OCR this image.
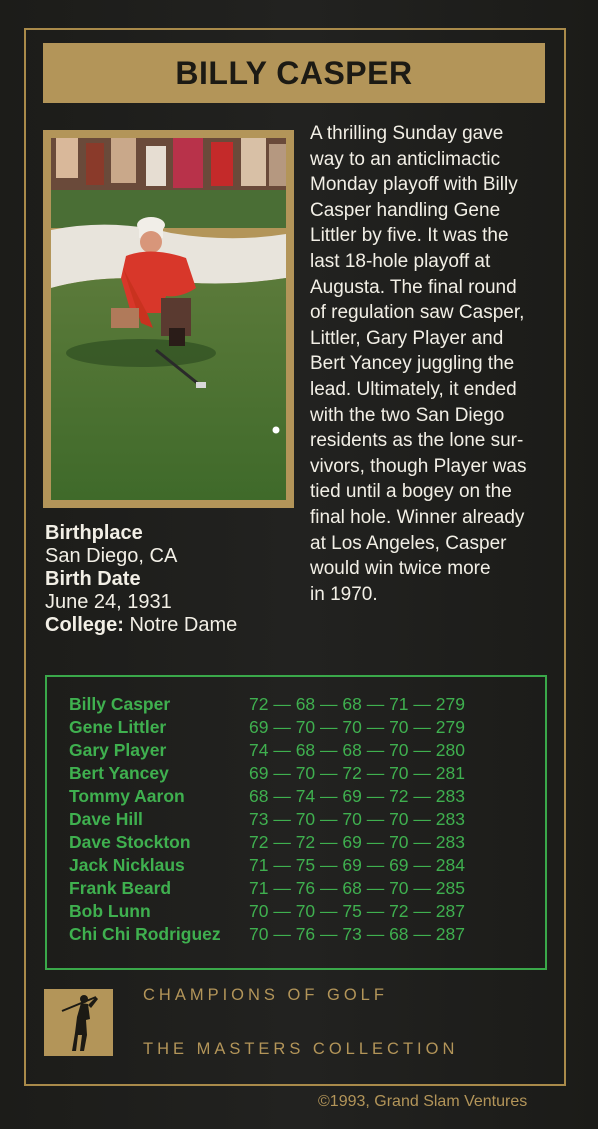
BILLY CASPER
A thrilling Sunday gave
way to an anticlimactic
Monday playoff with Billy
Casper handling Gene
Littler by five. It was the
last 18-hole playoff at
Augusta. The final round
of regulation saw Casper,
Littler, Gary Player and
Bert Yancey juggling the
lead. Ultimately, it ended
with the two San Diego
residents as the lone sur-
vivors, though Player was
tied until a bogey on the
final hole. Winner already
at Los Angeles, Casper
would win twice more
in 1970.
Birthplace
San Diego, CA
Birth Date
June 24, 1931
College: Notre Dame
Billy Casper	72 — 68 — 68 — 71 — 279
Gene Littler	69 — 70 — 70 — 70 — 279
Gary Player	74 — 68 — 68 — 70 — 280
Bert Yancey	69 — 70 — 72 — 70 — 281
Tommy Aaron	68 — 74 — 69 — 72 — 283
Dave Hill	73 — 70 — 70 — 70 — 283
Dave Stockton	72 — 72 — 69 — 70 — 283
Jack Nicklaus	71 — 75 — 69 — 69 — 284
Frank Beard	71 — 76 — 68 — 70 — 285
Bob Lunn	70 — 70 — 75 — 72 — 287
Chi Chi Rodriguez 70 — 76 — 73 — 68 — 287
CHAMPIONS OF GOLF
THE MASTERS COLLECTION
©1993, Grand Slam Ventures
